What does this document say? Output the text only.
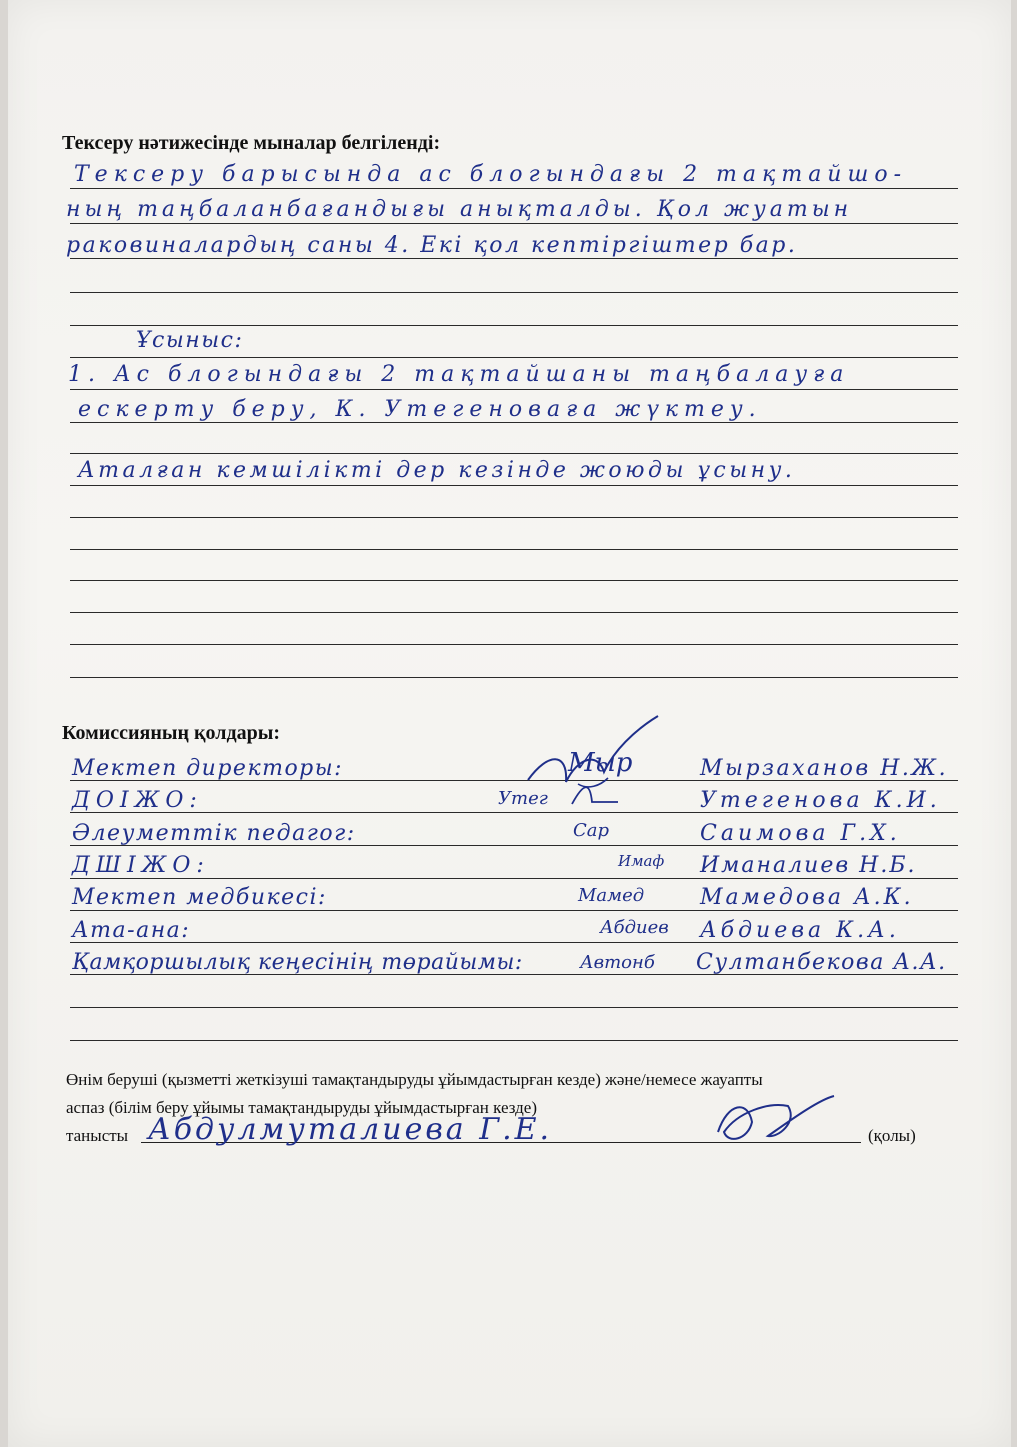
Тексеру нәтижесінде мыналар белгіленді:
Тексеру барысында ас блогындағы 2 тақтайшо-
ның таңбаланбағандығы анықталды. Қол жуатын
раковиналардың саны 4. Екі қол кептіргіштер бар.
Ұсыныс:
1. Ас блогындағы 2 тақтайшаны таңбалауға
ескерту беру, К. Утегеноваға жүктеу.
Аталған кемшілікті дер кезінде жоюды ұсыну.
Комиссияның қолдары:
Мектеп директоры:
ДОІЖО:
Әлеуметтік педагог:
ДШІЖО:
Мектеп медбикесі:
Ата-ана:
Қамқоршылық кеңесінің төрайымы:
Мыр
Утег
Сар
Имаф
Мамед
Абдиев
Автонб
Мырзаханов Н.Ж.
Утегенова К.И.
Саимова Г.Х.
Иманалиев Н.Б.
Мамедова А.К.
Абдиева К.А.
Султанбекова А.А.
Өнім беруші (қызметті жеткізуші тамақтандыруды ұйымдастырған кезде) және/немесе жауапты
аспаз (білім беру ұйымы тамақтандыруды ұйымдастырған кезде)
танысты Абдулмуталиева Г.Е.	(қолы)
